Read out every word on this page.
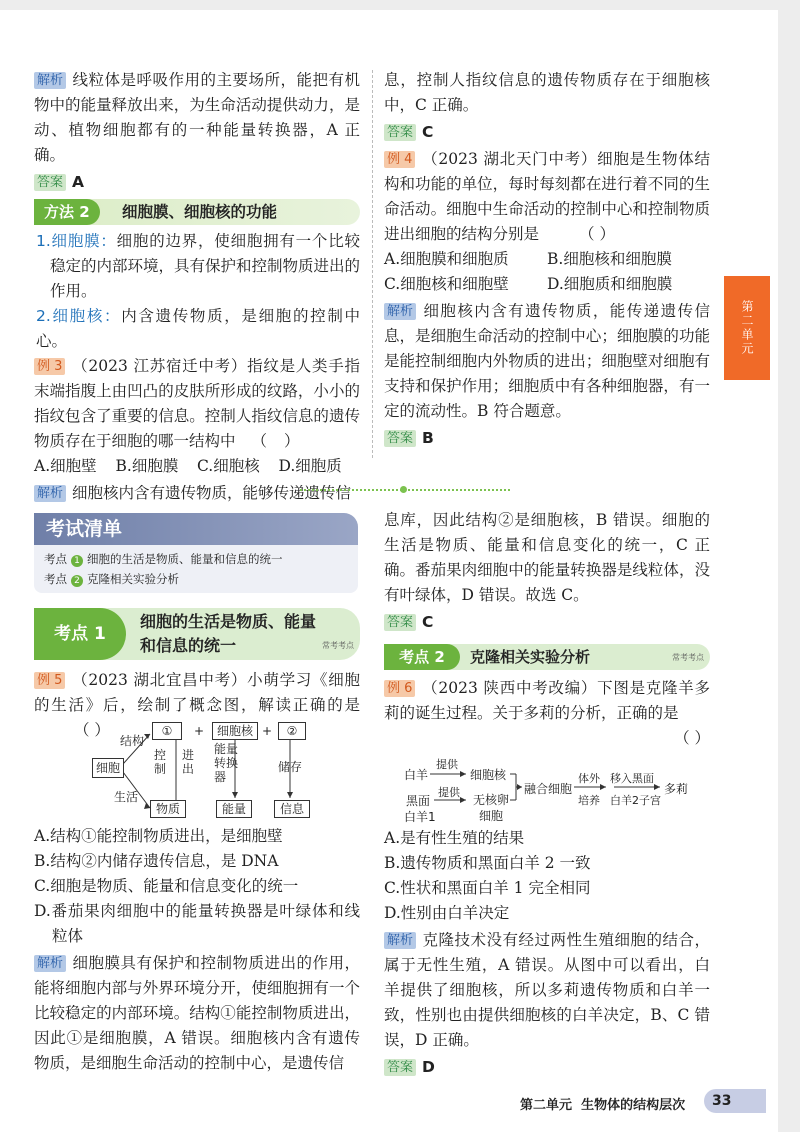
解析 线粒体是呼吸作用的主要场所，能把有机物中的能量释放出来，为生命活动提供动力，是动、植物细胞都有的一种能量转换器，A 正确。

答案 A

方法 2	细胞膜、细胞核的功能

1.细胞膜：细胞的边界，使细胞拥有一个比较稳定的内部环境，具有保护和控制物质进出的作用。

2.细胞核：内含遗传物质，是细胞的控制中心。

例 3 （2023 江苏宿迁中考）指纹是人类手指末端指腹上由凹凸的皮肤所形成的纹路，小小的指纹包含了重要的信息。控制人指纹信息的遗传物质存在于细胞的哪一结构中 （ ）

A.细胞壁	B.细胞膜	C.细胞核	D.细胞质

解析 细胞核内含有遗传物质，能够传递遗传信

息，控制人指纹信息的遗传物质存在于细胞核中，C 正确。

答案 C

例 4 （2023 湖北天门中考）细胞是生物体结构和功能的单位，每时每刻都在进行着不同的生命活动。细胞中生命活动的控制中心和控制物质进出细胞的结构分别是	（ ）

A.细胞膜和细胞质	B.细胞核和细胞膜
C.细胞核和细胞壁	D.细胞质和细胞膜

解析 细胞核内含有遗传物质，能传递遗传信息，是细胞生命活动的控制中心；细胞膜的功能是能控制细胞内外物质的进出；细胞壁对细胞有支持和保护作用；细胞质中有各种细胞器，有一定的流动性。B 符合题意。

答案 B

第二单元
考试清单
考点 1 细胞的生活是物质、能量和信息的统一
考点 2 克隆相关实验分析
考点 1
细胞的生活是物质、能量和信息的统一	常考考点

例 5 （2023 湖北宜昌中考）小萌学习《细胞的生活》后，绘制了概念图，解读正确的是（ ）

细胞
结构
生活
①	+	细胞核 +	②
控制
进出
能量转换器
储存
物质	能量	信息

A.结构①能控制物质进出，是细胞壁

B.结构②内储存遗传信息，是 DNA

C.细胞是物质、能量和信息变化的统一

D.番茄果肉细胞中的能量转换器是叶绿体和线粒体

解析 细胞膜具有保护和控制物质进出的作用，能将细胞内部与外界环境分开，使细胞拥有一个比较稳定的内部环境。结构①能控制物质进出，因此①是细胞膜，A 错误。细胞核内含有遗传物质，是细胞生命活动的控制中心，是遗传信

息库，因此结构②是细胞核，B 错误。细胞的生活是物质、能量和信息变化的统一，C 正确。番茄果肉细胞中的能量转换器是线粒体，没有叶绿体，D 错误。故选 C。

答案 C

考点 2	克隆相关实验分析	常考考点

例 6 （2023 陕西中考改编）下图是克隆羊多莉的诞生过程。关于多莉的分析，正确的是

（ ）

白羊
提供
细胞核
黑面
白羊1
提供
无核卵细胞
融合细胞
体外
培养
移入黑面
白羊2子宫
多莉

A.是有性生殖的结果

B.遗传物质和黑面白羊 2 一致

C.性状和黑面白羊 1 完全相同

D.性别由白羊决定

解析 克隆技术没有经过两性生殖细胞的结合，属于无性生殖，A 错误。从图中可以看出，白羊提供了细胞核，所以多莉遗传物质和白羊一致，性别也由提供细胞核的白羊决定，B、C 错误，D 正确。

答案 D

第二单元 生物体的结构层次	33
